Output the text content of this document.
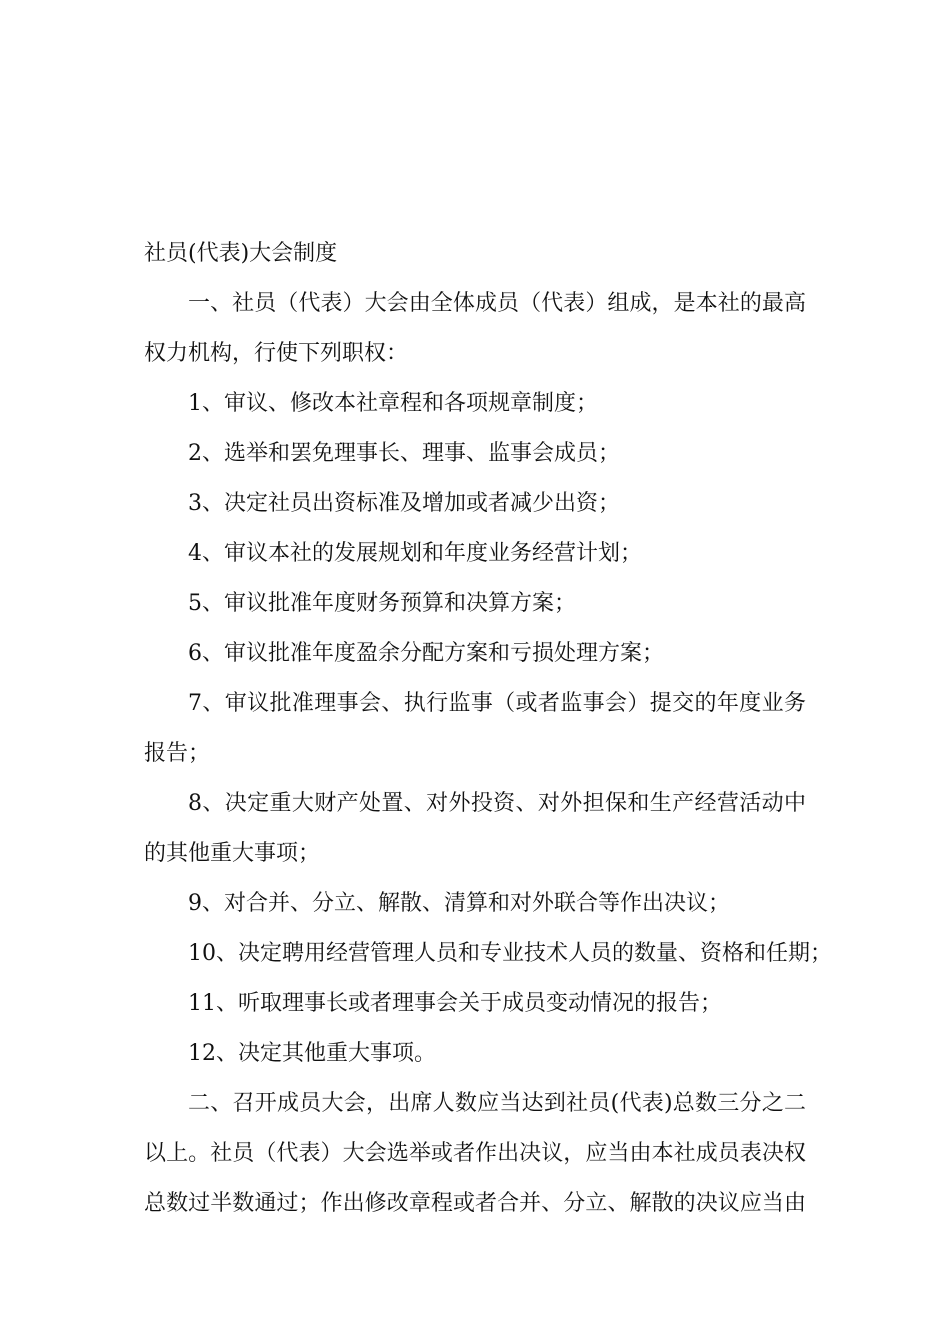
社员(代表)大会制度
一、社员（代表）大会由全体成员（代表）组成，是本社的最高
权力机构，行使下列职权：
1、审议、修改本社章程和各项规章制度；
2、选举和罢免理事长、理事、监事会成员；
3、决定社员出资标准及增加或者减少出资；
4、审议本社的发展规划和年度业务经营计划；
5、审议批准年度财务预算和决算方案；
6、审议批准年度盈余分配方案和亏损处理方案；
7、审议批准理事会、执行监事（或者监事会）提交的年度业务
报告；
8、决定重大财产处置、对外投资、对外担保和生产经营活动中
的其他重大事项；
9、对合并、分立、解散、清算和对外联合等作出决议；
10、决定聘用经营管理人员和专业技术人员的数量、资格和任期；
11、听取理事长或者理事会关于成员变动情况的报告；
12、决定其他重大事项。
二、召开成员大会，出席人数应当达到社员(代表)总数三分之二
以上。社员（代表）大会选举或者作出决议，应当由本社成员表决权
总数过半数通过；作出修改章程或者合并、分立、解散的决议应当由
